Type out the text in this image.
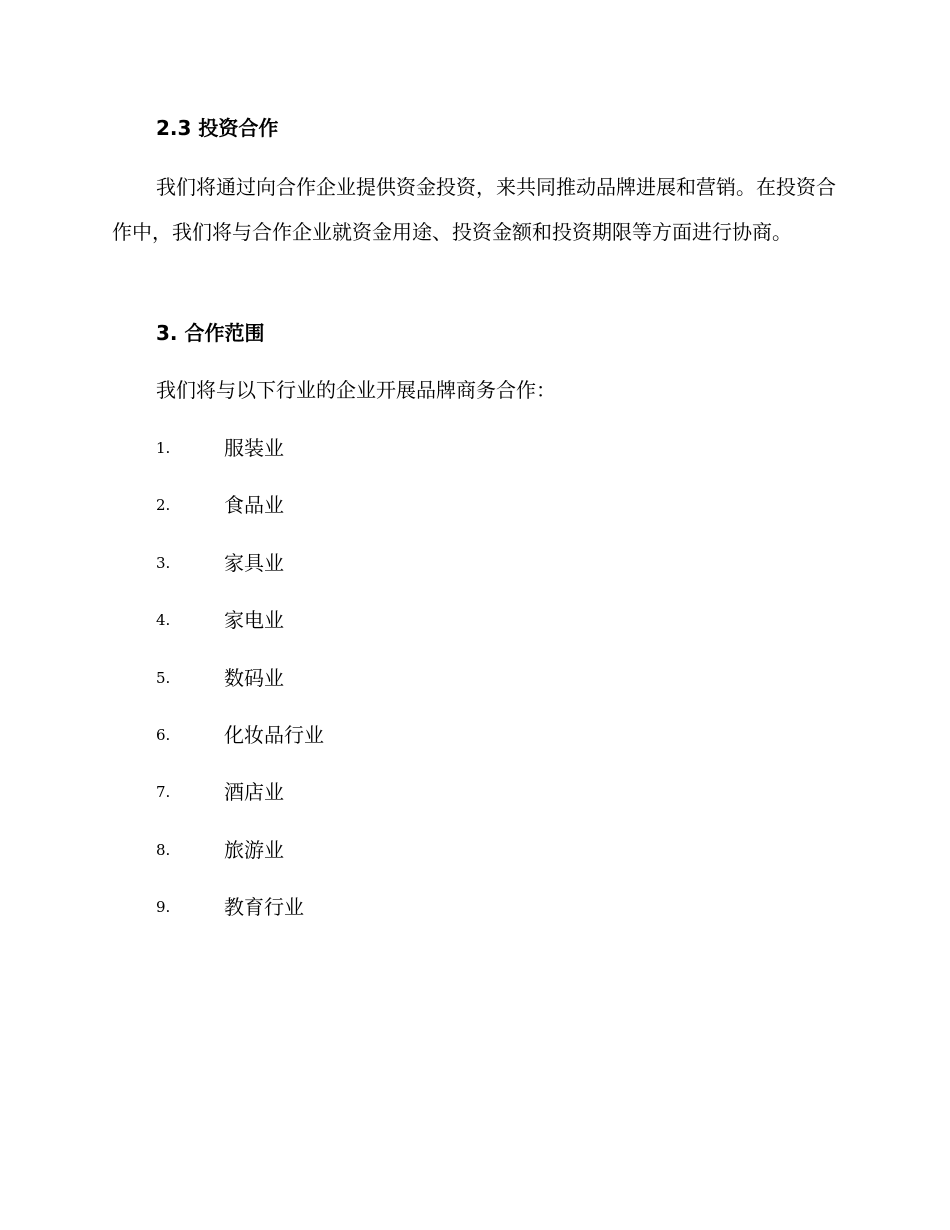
2.3 投资合作

我们将通过向合作企业提供资金投资，来共同推动品牌进展和营销。在投资合作中，我们将与合作企业就资金用途、投资金额和投资期限等方面进行协商。

3. 合作范围

我们将与以下行业的企业开展品牌商务合作：

1.	服装业
2.	食品业
3.	家具业
4.	家电业
5.	数码业
6.	化妆品行业
7.	酒店业
8.	旅游业
9.	教育行业
